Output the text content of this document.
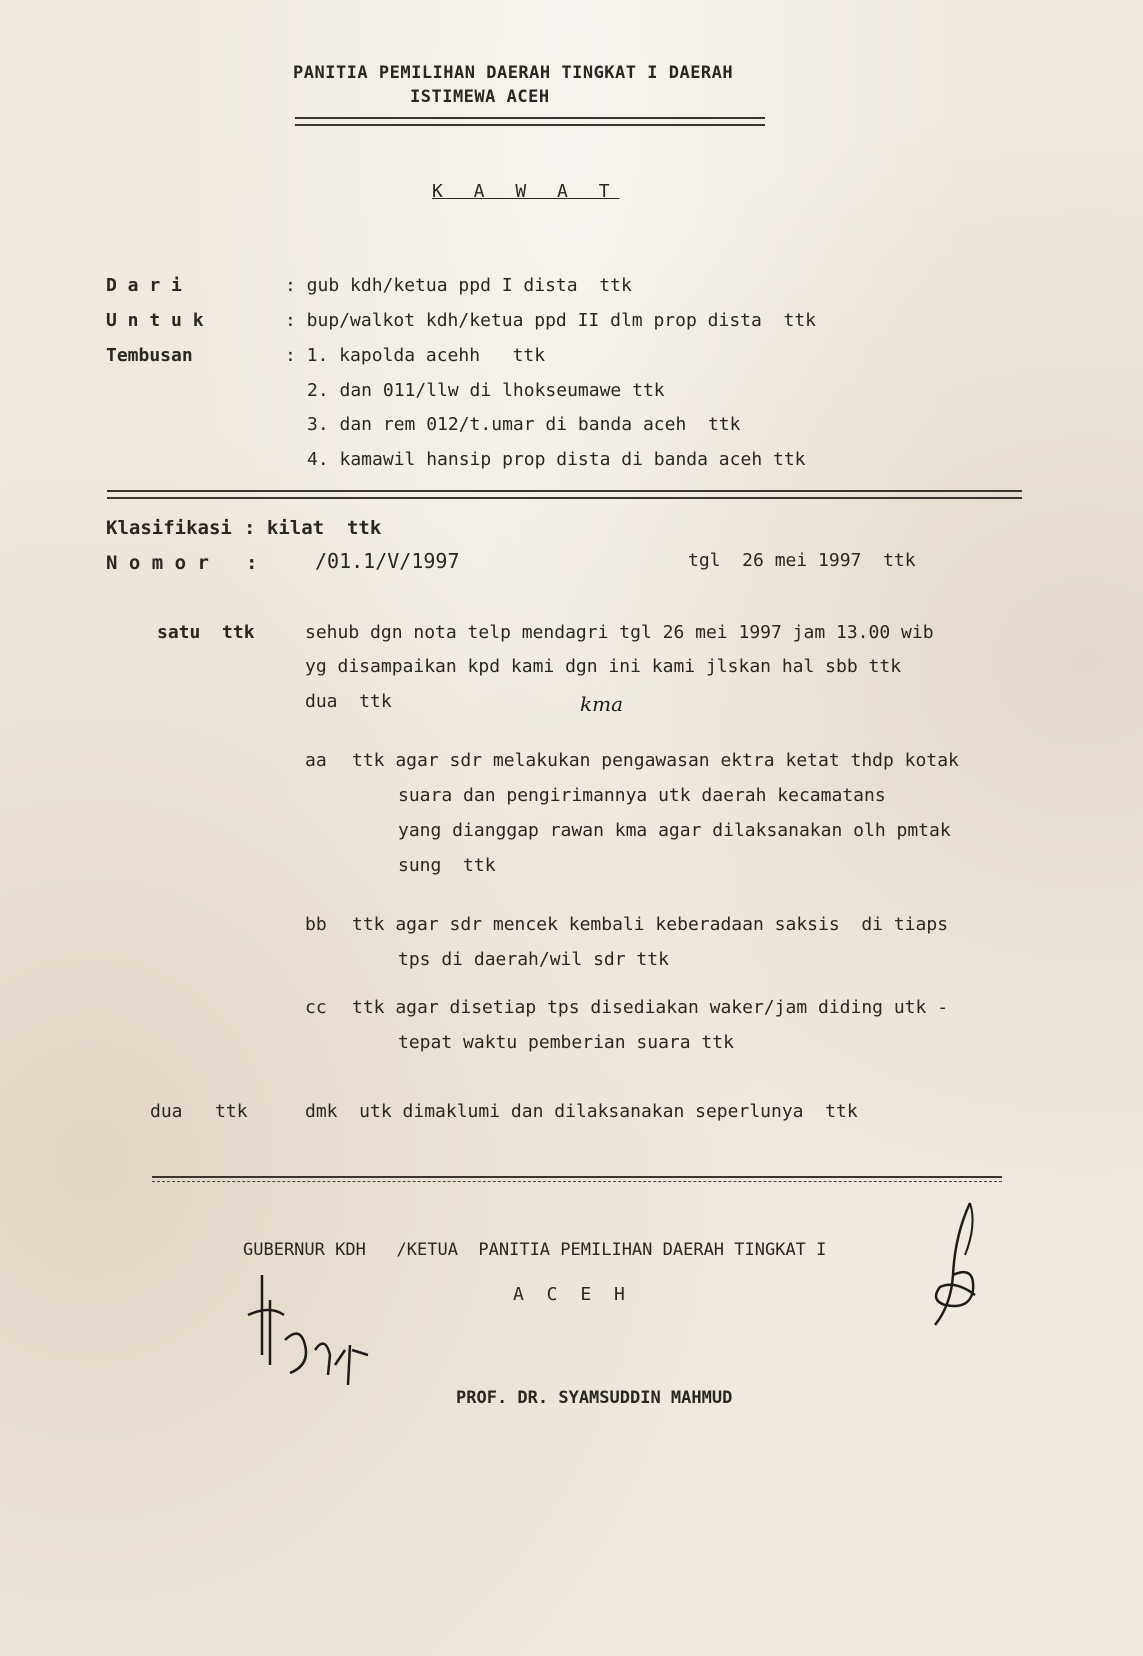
PANITIA PEMILIHAN DAERAH TINGKAT I DAERAH
ISTIMEWA ACEH
K A W A T
D a r i	: gub kdh/ketua ppd I dista  ttk
U n t u k	: bup/walkot kdh/ketua ppd II dlm prop dista  ttk
Tembusan	: 1. kapolda acehh   ttk
2. dan 011/llw di lhokseumawe ttk
3. dan rem 012/t.umar di banda aceh  ttk
4. kamawil hansip prop dista di banda aceh ttk
Klasifikasi : kilat  ttk
N o m o r :	/01.1/V/1997	tgl  26 mei 1997  ttk
satu  ttk	sehub dgn nota telp mendagri tgl 26 mei 1997 jam 13.00 wib
yg disampaikan kpd kami dgn ini kami jlskan hal sbb ttk
dua  ttk	kma
aa ttk agar sdr melakukan pengawasan ektra ketat thdp kotak
suara dan pengirimannya utk daerah kecamatans
yang dianggap rawan kma agar dilaksanakan olh pmtak
sung  ttk
bb ttk agar sdr mencek kembali keberadaan saksis  di tiaps
tps di daerah/wil sdr ttk
cc ttk agar disetiap tps disediakan waker/jam diding utk -
tepat waktu pemberian suara ttk
dua   ttk	dmk  utk dimaklumi dan dilaksanakan seperlunya  ttk
GUBERNUR KDH   /KETUA  PANITIA PEMILIHAN DAERAH TINGKAT I
A C E H
PROF. DR. SYAMSUDDIN MAHMUD
